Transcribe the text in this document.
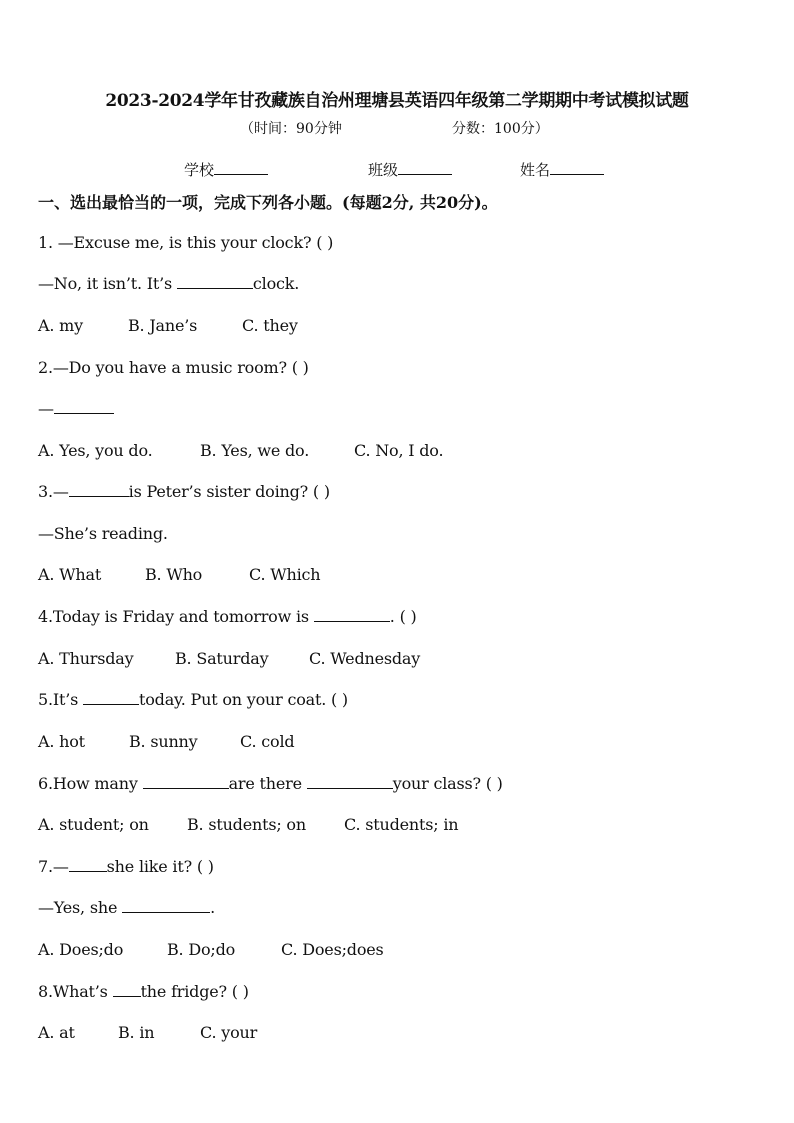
2023-2024学年甘孜藏族自治州理塘县英语四年级第二学期期中考试模拟试题
（时间：90分钟	分数：100分）
学校	班级	姓名
一、选出最恰当的一项，完成下列各小题。(每题2分, 共20分)。
1. —Excuse me, is this your clock? ( )
—No, it isn’t. It’s	clock.
A. my	B. Jane’s	C. they
2.—Do you have a music room? ( )
—
A. Yes, you do.	B. Yes, we do.	C. No, I do.
3.—	is Peter’s sister doing? ( )
—She’s reading.
A. What	B. Who	C. Which
4.Today is Friday and tomorrow is	. ( )
A. Thursday	B. Saturday	C. Wednesday
5.It’s	today. Put on your coat. ( )
A. hot	B. sunny	C. cold
6.How many	are there	your class? ( )
A. student; on B. students; on C. students; in
7.— she like it? ( )
—Yes, she	.
A. Does;do	B. Do;do	C. Does;does
8.What’s the fridge? ( )
A. at	B. in	C. your
